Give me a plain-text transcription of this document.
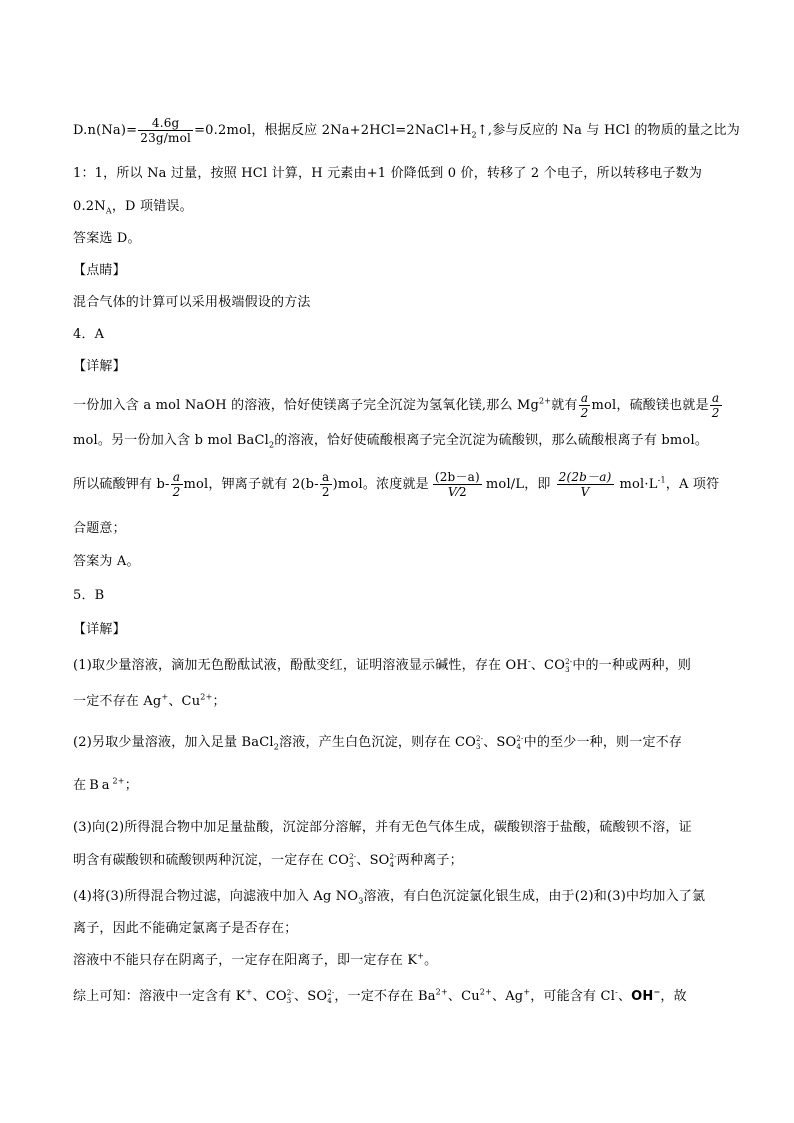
$D.n(Na)= \frac{4.6g}{\text{23g/mol}} =0.2mol$，根据反应 $2Na+2HCl=2NaCl+H_2↑$,参与反应的 Na 与 HCl 的物质的量之比为
1：1，所以 Na 过量，按照 HCl 计算，H 元素由+1 价降低到 0 价，转移了 2 个电子，所以转移电子数为
$0.2N_A$，D 项错误。
答案选 D。
【点睛】
混合气体的计算可以采用极端假设的方法
4．A
【详解】
一份加入含 a mol NaOH 的溶液，恰好使镁离子完全沉淀为氢氧化镁,那么 $Mg^{2+}$就有 $\frac{a}{2}$ mol，硫酸镁也就是 $\frac{a}{2}$
mol。另一份加入含 b mol BaCl$_2$的溶液，恰好使硫酸根离子完全沉淀为硫酸钡，那么硫酸根离子有 bmol。
所以硫酸钾有 $b- \frac{a}{2}$ mol，钾离子就有 $2(b- \frac{a}{2} )mol$。浓度就是 $\frac{(2b-a)}{V⁄2} mol/L$，即 $\frac{2(2b-a)}{V} mol\cdot L^{-1}$，A 项符
合题意；
答案为 A。
5．B
【详解】
(1)取少量溶液，滴加无色酚酞试液，酚酞变红，证明溶液显示碱性，存在 OH-、CO 2-
3 中的一种或两种，则
一定不存在 Ag+、$Cu^{2+}$；
(2)另取少量溶液，加入足量 BaCl$_2$溶液，产生白色沉淀，则存在 CO 2-
3 、SO 2-
4 中的至少一种，则一定不存
在 $Ba^{2+}$；
(3)向(2)所得混合物中加足量盐酸，沉淀部分溶解，并有无色气体生成，碳酸钡溶于盐酸，硫酸钡不溶，证
明含有碳酸钡和硫酸钡两种沉淀，一定存在 CO 2-
3 、SO 2-
4 两种离子；
(4)将(3)所得混合物过滤，向滤液中加入 Ag $NO_3$溶液，有白色沉淀氯化银生成，由于(2)和(3)中均加入了氯
离子，因此不能确定氯离子是否存在；
溶液中不能只存在阴离子，一定存在阳离子，即一定存在 K+。
综上可知：溶液中一定含有 K+、CO 2-
3 、SO 2-
4 ，一定不存在 $Ba^{2+}$、$Cu^{2+}$、Ag+，可能含有 Cl-、OH−，故
